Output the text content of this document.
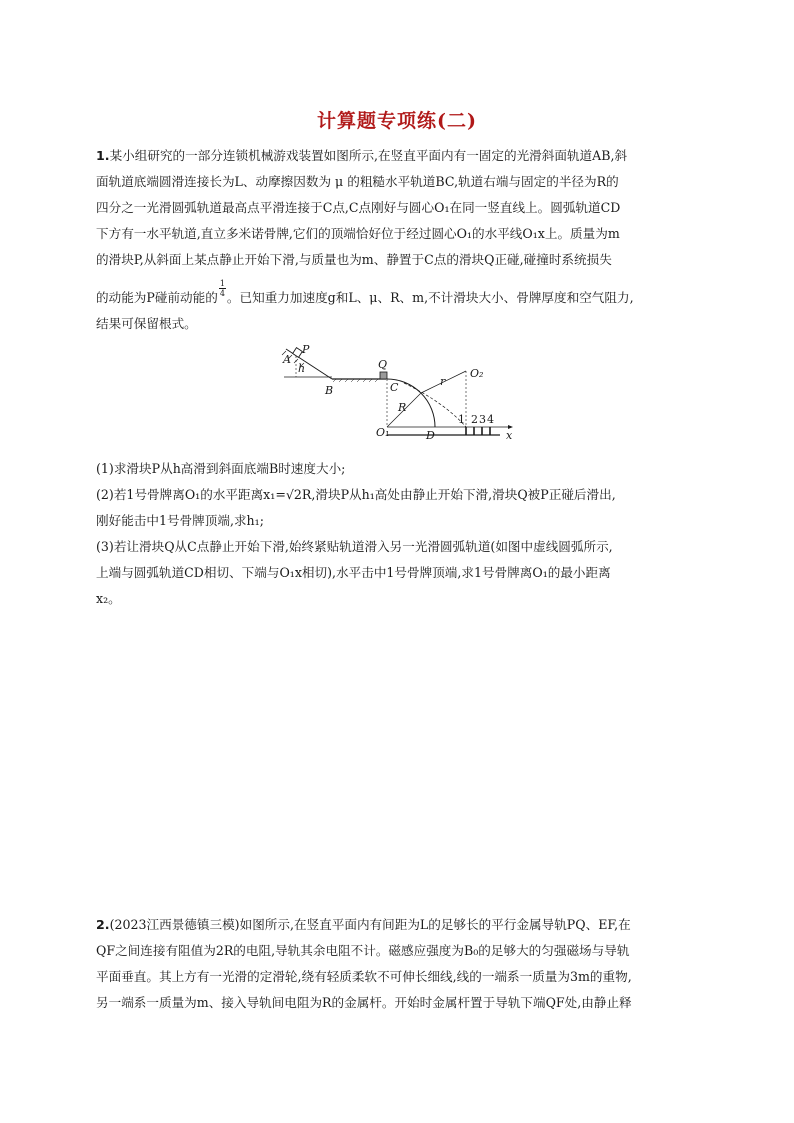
计算题专项练(二)
1.某小组研究的一部分连锁机械游戏装置如图所示,在竖直平面内有一固定的光滑斜面轨道AB,斜
面轨道底端圆滑连接长为L、动摩擦因数为 μ 的粗糙水平轨道BC,轨道右端与固定的半径为R的
四分之一光滑圆弧轨道最高点平滑连接于C点,C点刚好与圆心O₁在同一竖直线上。圆弧轨道CD
下方有一水平轨道,直立多米诺骨牌,它们的顶端恰好位于经过圆心O₁的水平线O₁x上。质量为m
的滑块P,从斜面上某点静止开始下滑,与质量也为m、静置于C点的滑块Q正碰,碰撞时系统损失
的动能为P碰前动能的 $\frac{1}{4}$ 。已知重力加速度g和L、μ、R、m,不计滑块大小、骨牌厚度和空气阻力,
结果可保留根式。
A
P
h
B
Q
C
R
r
O₁
O₂
D	x
1 2 3 4

(1)求滑块P从h高滑到斜面底端B时速度大小;

(2)若1号骨牌离O₁的水平距离x₁=√2R,滑块P从h₁高处由静止开始下滑,滑块Q被P正碰后滑出,

刚好能击中1号骨牌顶端,求h₁;

(3)若让滑块Q从C点静止开始下滑,始终紧贴轨道滑入另一光滑圆弧轨道(如图中虚线圆弧所示,

上端与圆弧轨道CD相切、下端与O₁x相切),水平击中1号骨牌顶端,求1号骨牌离O₁的最小距离

x₂。

2.(2023江西景德镇三模)如图所示,在竖直平面内有间距为L的足够长的平行金属导轨PQ、EF,在
QF之间连接有阻值为2R的电阻,导轨其余电阻不计。磁感应强度为B₀的足够大的匀强磁场与导轨
平面垂直。其上方有一光滑的定滑轮,绕有轻质柔软不可伸长细线,线的一端系一质量为3m的重物,
另一端系一质量为m、接入导轨间电阻为R的金属杆。开始时金属杆置于导轨下端QF处,由静止释
